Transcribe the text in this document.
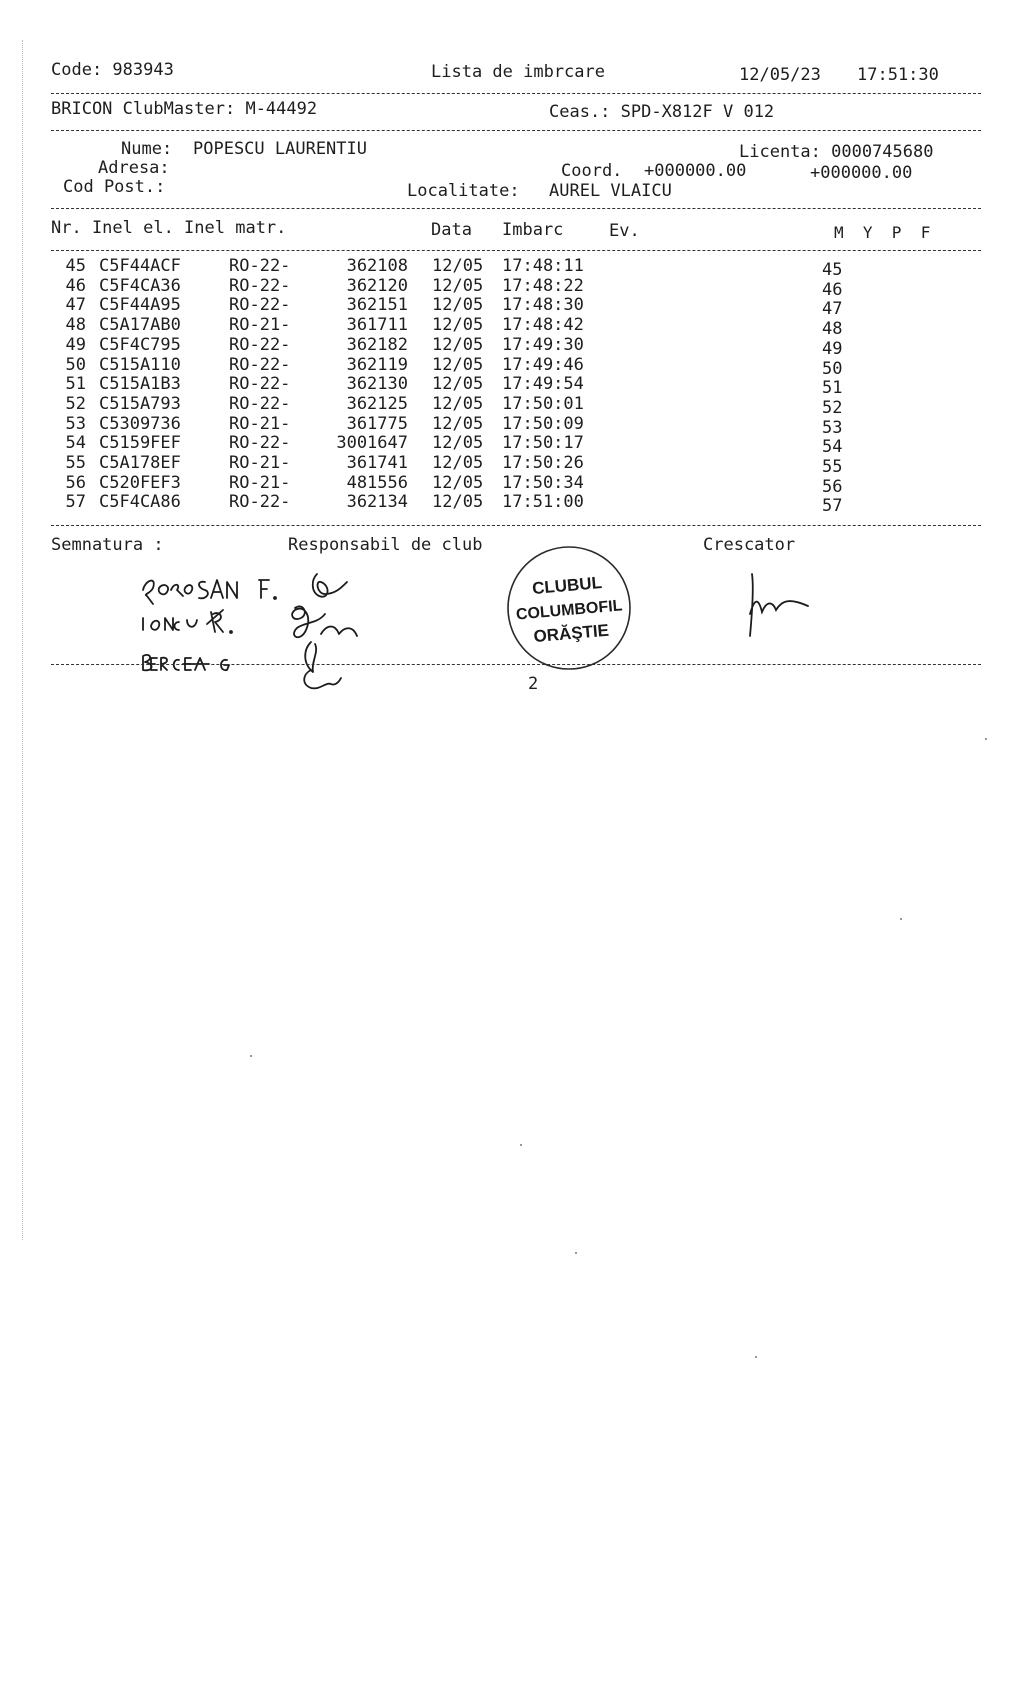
Code: 983943	Lista de imbrcare	12/05/23 17:51:30
BRICON ClubMaster: M-44492	Ceas.: SPD-X812F V 012
Nume: POPESCU LAURENTIU	Licenta: 0000745680
Adresa:	Coord. +000000.00	+000000.00
Cod Post.:	Localitate: AUREL VLAICU
Nr. Inel el. Inel matr.	Data Imbarc	Ev.	M  Y  P  F
45 C5F44ACF	RO-22-	362108 12/05 17:48:11	45
46 C5F4CA36	RO-22-	362120 12/05 17:48:22	46
47 C5F44A95	RO-22-	362151 12/05 17:48:30	47
48 C5A17AB0	RO-21-	361711 12/05 17:48:42	48
49 C5F4C795	RO-22-	362182 12/05 17:49:30	49
50 C515A110	RO-22-	362119 12/05 17:49:46	50
51 C515A1B3	RO-22-	362130 12/05 17:49:54	51
52 C515A793	RO-22-	362125 12/05 17:50:01	52
53 C5309736	RO-21-	361775 12/05 17:50:09	53
54 C5159FEF	RO-22-	3001647 12/05 17:50:17	54
55 C5A178EF	RO-21-	361741 12/05 17:50:26	55
56 C520FEF3	RO-21-	481556 12/05 17:50:34	56
57 C5F4CA86	RO-22-	362134 12/05 17:51:00	57
Semnatura :	Responsabil de club	Crescator
CLUBUL
COLUMBOFIL
ORĂŞTIE
2
